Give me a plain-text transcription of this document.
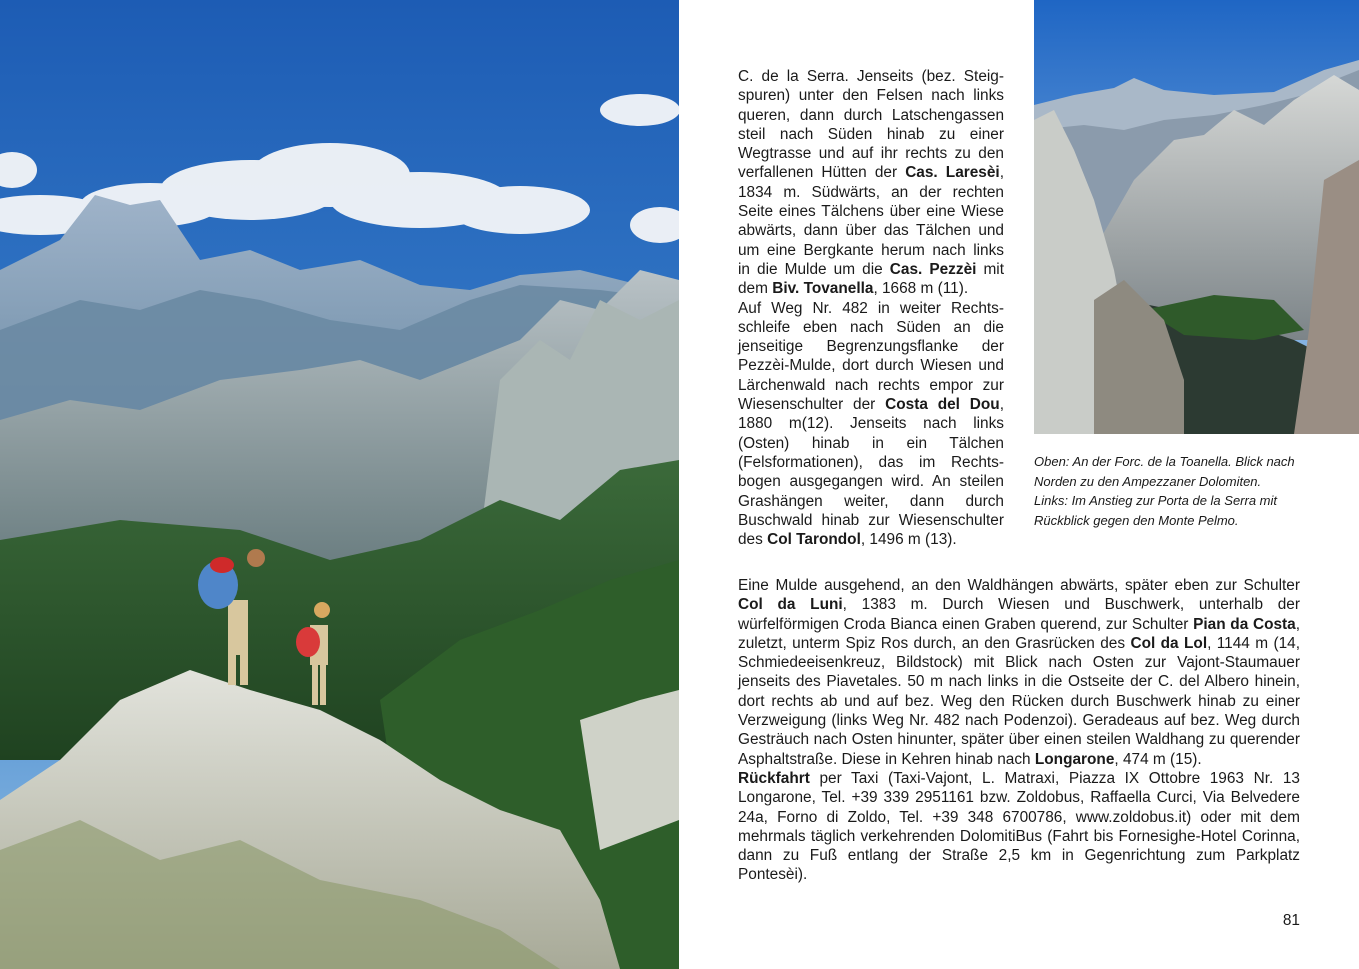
C. de la Serra. Jenseits (bez. Steigspuren) unter den Felsen nach links queren, dann durch Latschengassen steil nach Süden hinab zu einer Wegtrasse und auf ihr rechts zu den verfallenen Hütten der Cas. Laresèi, 1834 m. Südwärts, an der rechten Seite eines Tälchens über eine Wiese abwärts, dann über das Tälchen und um eine Bergkante herum nach links in die Mulde um die Cas. Pezzèi mit dem Biv. Tovanella, 1668 m (11).

Auf Weg Nr. 482 in weiter Rechtsschleife eben nach Süden an die jenseitige Begrenzungsflanke der Pezzèi-Mulde, dort durch Wiesen und Lärchenwald nach rechts empor zur Wiesenschulter der Costa del Dou, 1880 m(12). Jenseits nach links (Osten) hinab in ein Tälchen (Felsformationen), das im Rechtsbogen ausgegangen wird. An steilen Grashängen weiter, dann durch Buschwald hinab zur Wiesenschulter des Col Tarondol, 1496 m (13).

Oben: An der Forc. de la Toanella. Blick nach Norden zu den Ampezzaner Dolomiten.

Links: Im Anstieg zur Porta de la Serra mit Rückblick gegen den Monte Pelmo.

Eine Mulde ausgehend, an den Waldhängen abwärts, später eben zur Schulter Col da Luni, 1383 m. Durch Wiesen und Buschwerk, unterhalb der würfelförmigen Croda Bianca einen Graben querend, zur Schulter Pian da Costa, zuletzt, unterm Spiz Ros durch, an den Grasrücken des Col da Lol, 1144 m (14, Schmiedeeisenkreuz, Bildstock) mit Blick nach Osten zur Vajont-Staumauer jenseits des Piavetales. 50 m nach links in die Ostseite der C. del Albero hinein, dort rechts ab und auf bez. Weg den Rücken durch Buschwerk hinab zu einer Verzweigung (links Weg Nr. 482 nach Podenzoi). Geradeaus auf bez. Weg durch Gesträuch nach Osten hinunter, später über einen steilen Waldhang zu querender Asphaltstraße. Diese in Kehren hinab nach Longarone, 474 m (15).

Rückfahrt per Taxi (Taxi-Vajont, L. Matraxi, Piazza IX Ottobre 1963 Nr. 13 Longarone, Tel. +39 339 2951161 bzw. Zoldobus, Raffaella Curci, Via Belvedere 24a, Forno di Zoldo, Tel. +39 348 6700786, www.zoldobus.it) oder mit dem mehrmals täglich verkehrenden DolomitiBus (Fahrt bis Fornesighe-Hotel Corinna, dann zu Fuß entlang der Straße 2,5 km in Gegenrichtung zum Parkplatz Pontesèi).

81
